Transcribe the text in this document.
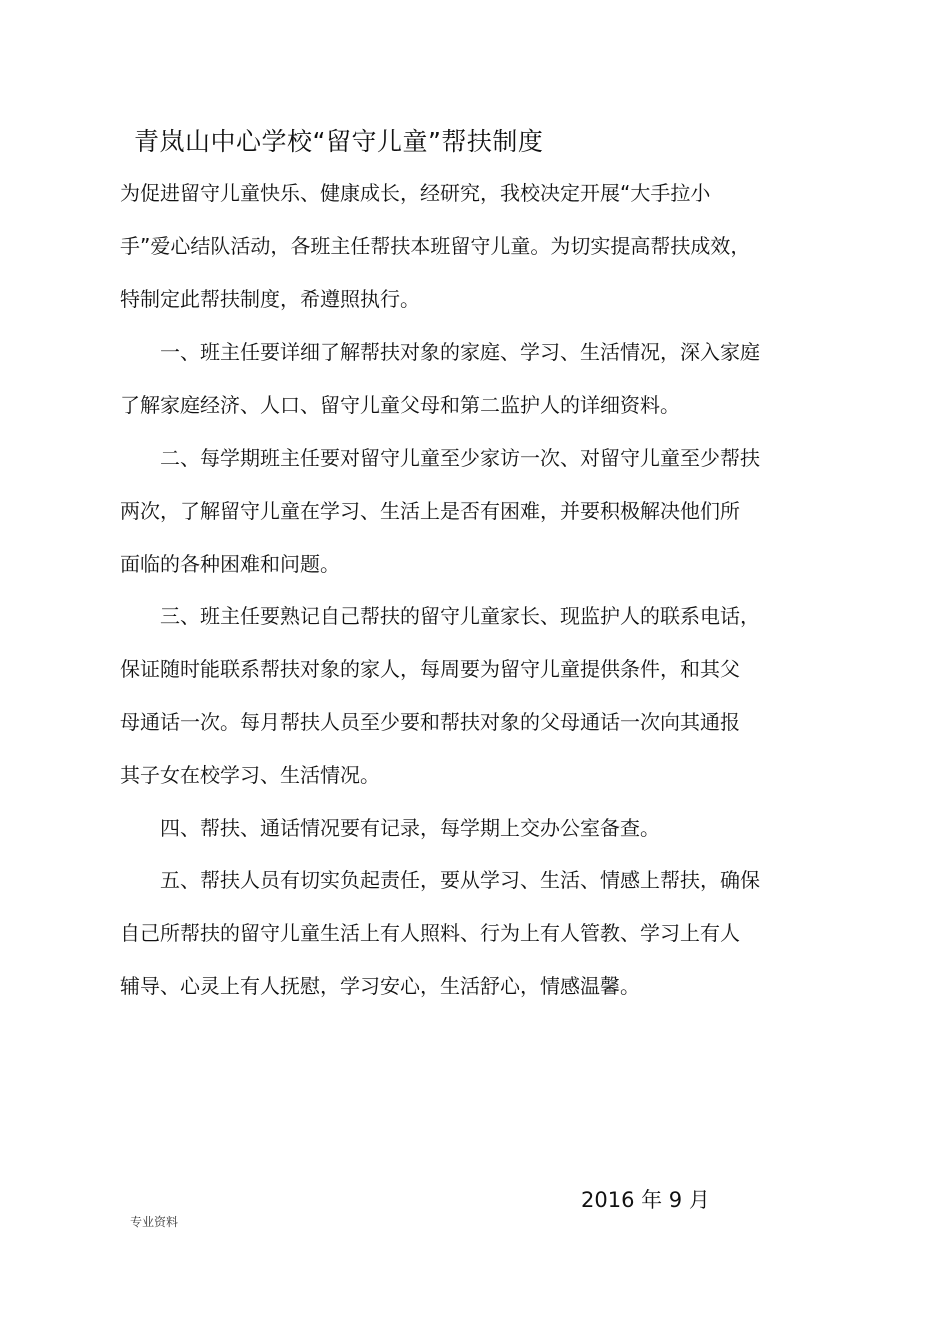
青岚山中心学校“留守儿童”帮扶制度
为促进留守儿童快乐、健康成长，经研究，我校决定开展“大手拉小
手”爱心结队活动，各班主任帮扶本班留守儿童。为切实提高帮扶成效，
特制定此帮扶制度，希遵照执行。
　　一、班主任要详细了解帮扶对象的家庭、学习、生活情况，深入家庭
了解家庭经济、人口、留守儿童父母和第二监护人的详细资料。
　　二、每学期班主任要对留守儿童至少家访一次、对留守儿童至少帮扶
两次，了解留守儿童在学习、生活上是否有困难，并要积极解决他们所
面临的各种困难和问题。
　　三、班主任要熟记自己帮扶的留守儿童家长、现监护人的联系电话，
保证随时能联系帮扶对象的家人，每周要为留守儿童提供条件，和其父
母通话一次。每月帮扶人员至少要和帮扶对象的父母通话一次向其通报
其子女在校学习、生活情况。
　　四、帮扶、通话情况要有记录，每学期上交办公室备查。
　　五、帮扶人员有切实负起责任，要从学习、生活、情感上帮扶，确保
自己所帮扶的留守儿童生活上有人照料、行为上有人管教、学习上有人
辅导、心灵上有人抚慰，学习安心，生活舒心，情感温馨。
2016 年 9 月
专业资料
